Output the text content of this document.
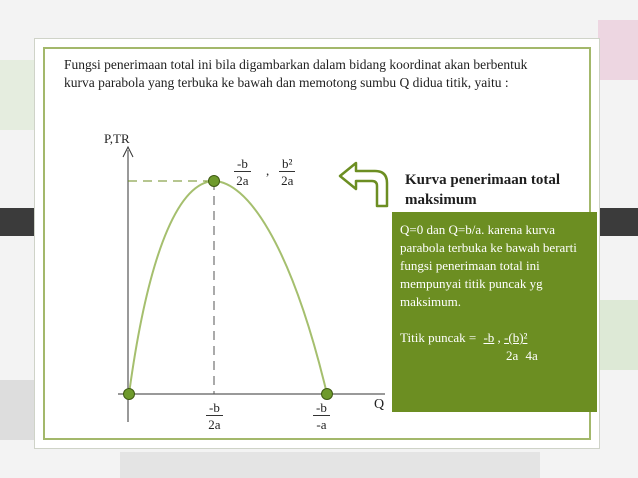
Fungsi penerimaan total ini bila digambarkan dalam bidang koordinat akan berbentuk kurva parabola yang terbuka ke bawah dan memotong sumbu Q didua titik, yaitu :
P,TR
Q
$\frac{-b}{2a}$ , $\frac{\text{b²}}{2a}$
$\frac{-b}{2a}$	$\frac{-b}{-a}$
Kurva penerimaan total maksimum

Q=0 dan Q=b/a. karena kurva parabola terbuka ke bawah berarti fungsi penerimaan total ini mempunyai titik puncak yg maksimum.

Titik puncak = -b , -(b)²

2a 4a
